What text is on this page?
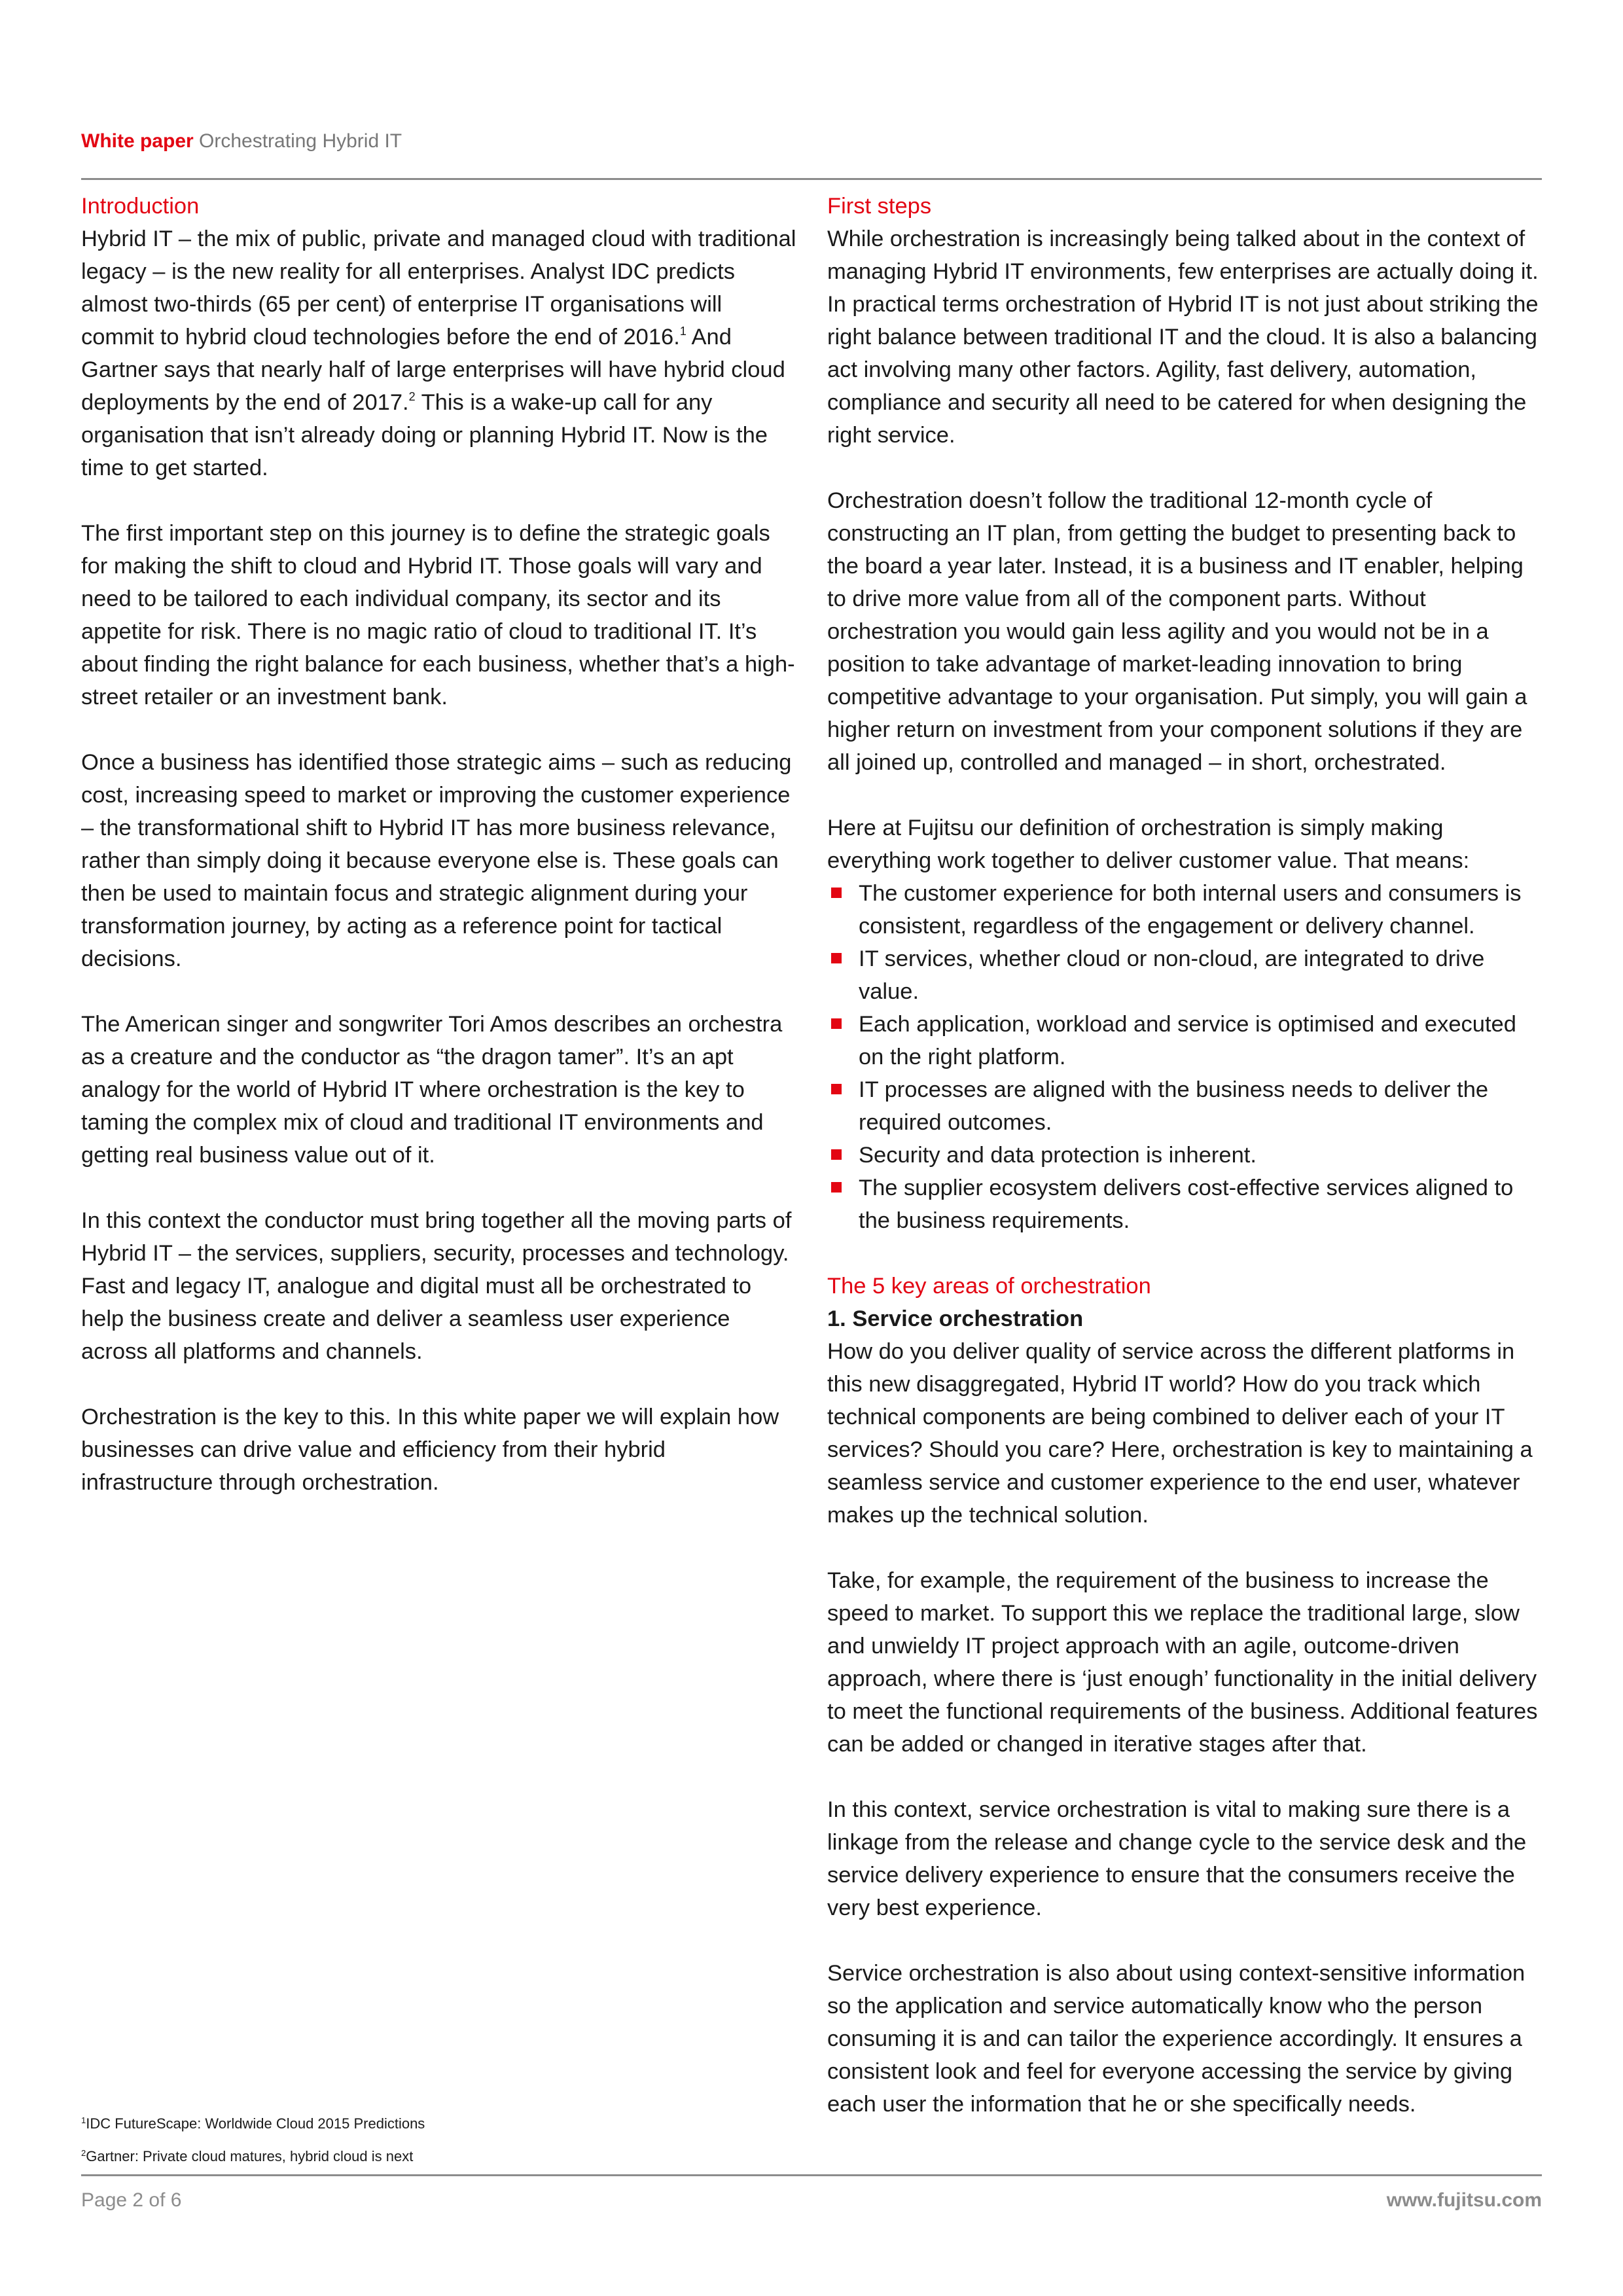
White paper Orchestrating Hybrid IT
Introduction

Hybrid IT – the mix of public, private and managed cloud with traditional legacy – is the new reality for all enterprises. Analyst IDC predicts almost two-thirds (65 per cent) of enterprise IT organisations will commit to hybrid cloud technologies before the end of 2016.$^1$ And Gartner says that nearly half of large enterprises will have hybrid cloud deployments by the end of 2017.$^2$ This is a wake-up call for any organisation that isn’t already doing or planning Hybrid IT. Now is the time to get started.

The first important step on this journey is to define the strategic goals for making the shift to cloud and Hybrid IT. Those goals will vary and need to be tailored to each individual company, its sector and its appetite for risk. There is no magic ratio of cloud to traditional IT. It’s about finding the right balance for each business, whether that’s a high-street retailer or an investment bank.

Once a business has identified those strategic aims – such as reducing cost, increasing speed to market or improving the customer experience – the transformational shift to Hybrid IT has more business relevance, rather than simply doing it because everyone else is. These goals can then be used to maintain focus and strategic alignment during your transformation journey, by acting as a reference point for tactical decisions.

The American singer and songwriter Tori Amos describes an orchestra as a creature and the conductor as “the dragon tamer”. It’s an apt analogy for the world of Hybrid IT where orchestration is the key to taming the complex mix of cloud and traditional IT environments and getting real business value out of it.

In this context the conductor must bring together all the moving parts of Hybrid IT – the services, suppliers, security, processes and technology. Fast and legacy IT, analogue and digital must all be orchestrated to help the business create and deliver a seamless user experience across all platforms and channels.

Orchestration is the key to this. In this white paper we will explain how businesses can drive value and efficiency from their hybrid infrastructure through orchestration.

First steps

While orchestration is increasingly being talked about in the context of managing Hybrid IT environments, few enterprises are actually doing it. In practical terms orchestration of Hybrid IT is not just about striking the right balance between traditional IT and the cloud. It is also a balancing act involving many other factors. Agility, fast delivery, automation, compliance and security all need to be catered for when designing the right service.

Orchestration doesn’t follow the traditional 12-month cycle of constructing an IT plan, from getting the budget to presenting back to the board a year later. Instead, it is a business and IT enabler, helping to drive more value from all of the component parts. Without orchestration you would gain less agility and you would not be in a position to take advantage of market-leading innovation to bring competitive advantage to your organisation. Put simply, you will gain a higher return on investment from your component solutions if they are all joined up, controlled and managed – in short, orchestrated.

Here at Fujitsu our definition of orchestration is simply making everything work together to deliver customer value. That means:

The customer experience for both internal users and consumers is consistent, regardless of the engagement or delivery channel.
IT services, whether cloud or non-cloud, are integrated to drive value.
Each application, workload and service is optimised and executed on the right platform.
IT processes are aligned with the business needs to deliver the required outcomes.
Security and data protection is inherent.
The supplier ecosystem delivers cost-effective services aligned to the business requirements.
The 5 key areas of orchestration
1. Service orchestration

How do you deliver quality of service across the different platforms in this new disaggregated, Hybrid IT world? How do you track which technical components are being combined to deliver each of your IT services? Should you care? Here, orchestration is key to maintaining a seamless service and customer experience to the end user, whatever makes up the technical solution.

Take, for example, the requirement of the business to increase the speed to market. To support this we replace the traditional large, slow and unwieldy IT project approach with an agile, outcome-driven approach, where there is ‘just enough’ functionality in the initial delivery to meet the functional requirements of the business. Additional features can be added or changed in iterative stages after that.

In this context, service orchestration is vital to making sure there is a linkage from the release and change cycle to the service desk and the service delivery experience to ensure that the consumers receive the very best experience.

Service orchestration is also about using context-sensitive information so the application and service automatically know who the person consuming it is and can tailor the experience accordingly. It ensures a consistent look and feel for everyone accessing the service by giving each user the information that he or she specifically needs.

$^1$IDC FutureScape: Worldwide Cloud 2015 Predictions
$^2$Gartner: Private cloud matures, hybrid cloud is next
Page 2 of 6	www.fujitsu.com
